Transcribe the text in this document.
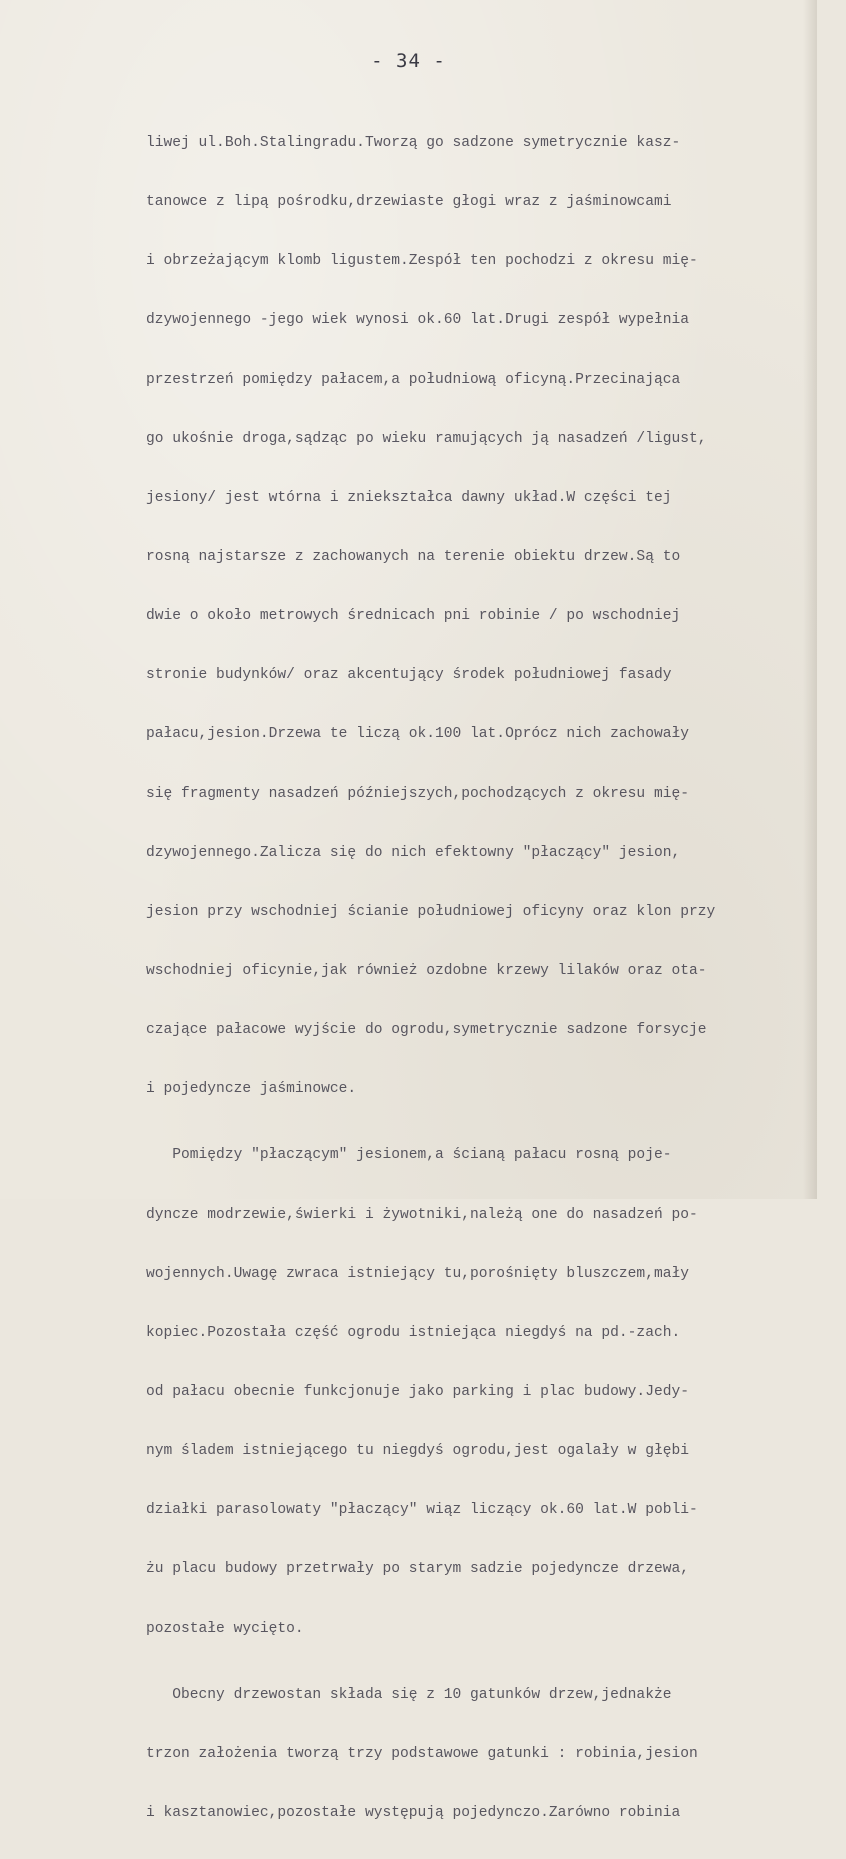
- 34 -

liwej ul.Boh.Stalingradu.Tworzą go sadzone symetrycznie kasz-

tanowce z lipą pośrodku,drzewiaste głogi wraz z jaśminowcami

i obrzeżającym klomb ligustem.Zespół ten pochodzi z okresu mię-

dzywojennego -jego wiek wynosi ok.60 lat.Drugi zespół wypełnia

przestrzeń pomiędzy pałacem,a południową oficyną.Przecinająca

go ukośnie droga,sądząc po wieku ramujących ją nasadzeń /ligust,

jesiony/ jest wtórna i zniekształca dawny układ.W części tej

rosną najstarsze z zachowanych na terenie obiektu drzew.Są to

dwie o około metrowych średnicach pni robinie / po wschodniej

stronie budynków/ oraz akcentujący środek południowej fasady

pałacu,jesion.Drzewa te liczą ok.100 lat.Oprócz nich zachowały

się fragmenty nasadzeń późniejszych,pochodzących z okresu mię-

dzywojennego.Zalicza się do nich efektowny "płaczący" jesion,

jesion przy wschodniej ścianie południowej oficyny oraz klon przy

wschodniej oficynie,jak również ozdobne krzewy lilaków oraz ota-

czające pałacowe wyjście do ogrodu,symetrycznie sadzone forsycje

i pojedyncze jaśminowce.

Pomiędzy "płaczącym" jesionem,a ścianą pałacu rosną poje-

dyncze modrzewie,świerki i żywotniki,należą one do nasadzeń po-

wojennych.Uwagę zwraca istniejący tu,porośnięty bluszczem,mały

kopiec.Pozostała część ogrodu istniejąca niegdyś na pd.-zach.

od pałacu obecnie funkcjonuje jako parking i plac budowy.Jedy-

nym śladem istniejącego tu niegdyś ogrodu,jest ogalały w głębi

działki parasolowaty "płaczący" wiąz liczący ok.60 lat.W pobli-

żu placu budowy przetrwały po starym sadzie pojedyncze drzewa,

pozostałe wycięto.

Obecny drzewostan składa się z 10 gatunków drzew,jednakże

trzon założenia tworzą trzy podstawowe gatunki : robinia,jesion

i kasztanowiec,pozostałe występują pojedynczo.Zarówno robinia
